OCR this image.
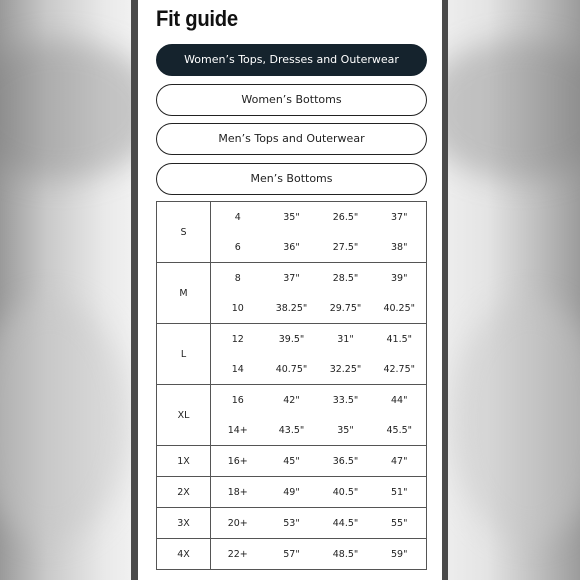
Fit guide
Women’s Tops, Dresses and Outerwear
Women’s Bottoms
Men’s Tops and Outerwear
Men’s Bottoms
S	4	35"	26.5"	37"
	6	36"	27.5"	38"
M	8	37"	28.5"	39"
	10	38.25"	29.75"	40.25"
L	12	39.5"	31"	41.5"
	14	40.75"	32.25"	42.75"
XL	16	42"	33.5"	44"
	14+	43.5"	35"	45.5"
1X	16+	45"	36.5"	47"
2X	18+	49"	40.5"	51"
3X	20+	53"	44.5"	55"
4X	22+	57"	48.5"	59"
